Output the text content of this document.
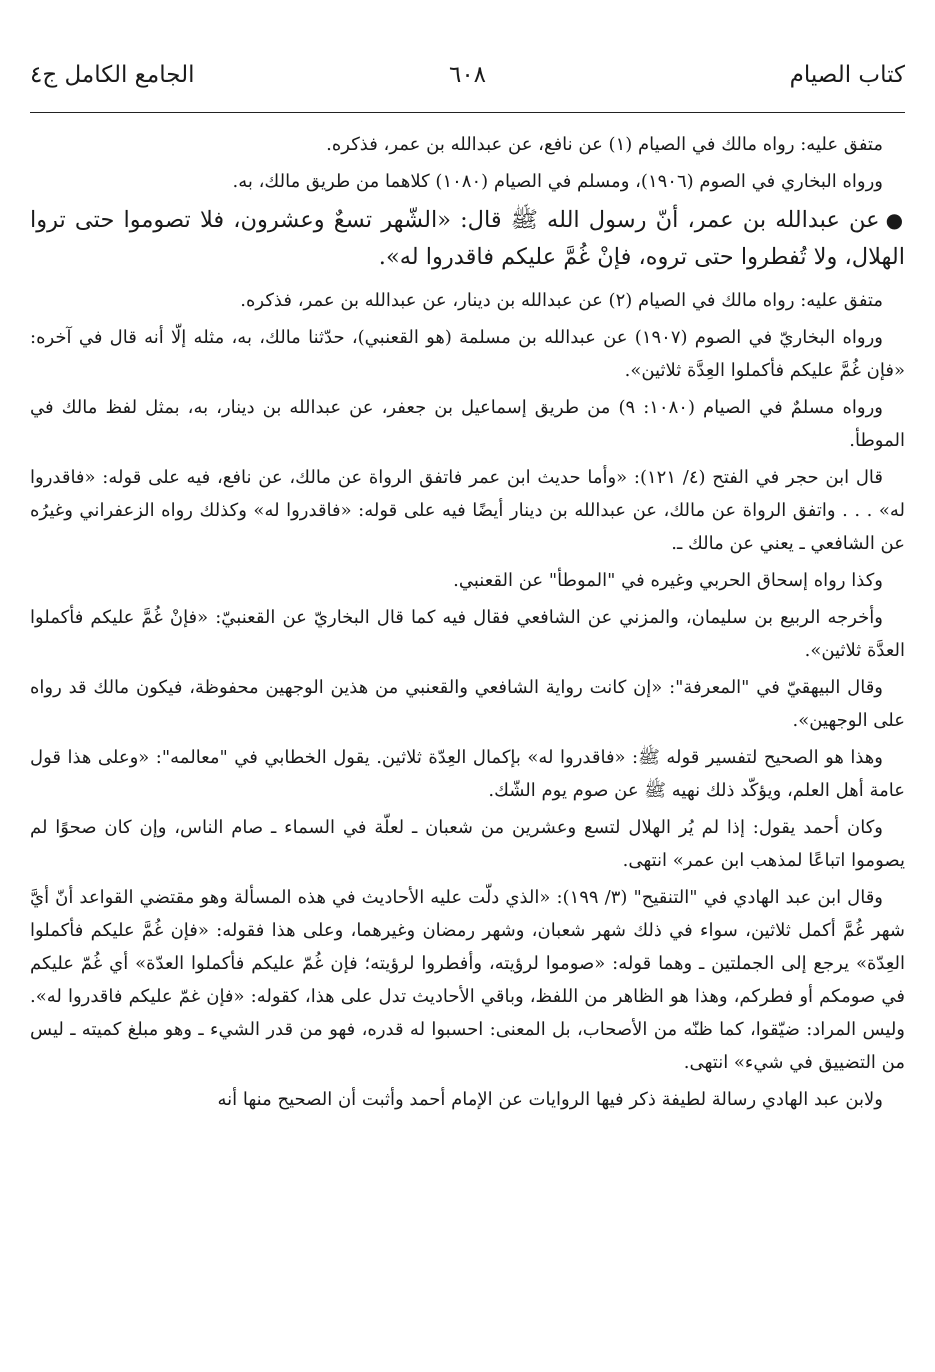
كتاب الصيام
٦٠٨
الجامع الكامل ج٤

متفق عليه: رواه مالك في الصيام (١) عن نافع، عن عبدالله بن عمر، فذكره.

ورواه البخاري في الصوم (١٩٠٦)، ومسلم في الصيام (١٠٨٠) كلاهما من طريق مالك، به.

●عن عبدالله بن عمر، أنّ رسول الله ﷺ قال: «الشّهر تسعٌ وعشرون، فلا تصوموا حتى تروا الهلال، ولا تُفطروا حتى تروه، فإنْ غُمَّ عليكم فاقدروا له».

متفق عليه: رواه مالك في الصيام (٢) عن عبدالله بن دينار، عن عبدالله بن عمر، فذكره.

ورواه البخاريّ في الصوم (١٩٠٧) عن عبدالله بن مسلمة (هو القعنبي)، حدّثنا مالك، به، مثله إلّا أنه قال في آخره: «فإن غُمَّ عليكم فأكملوا العِدَّة ثلاثين».

ورواه مسلمٌ في الصيام (١٠٨٠: ٩) من طريق إسماعيل بن جعفر، عن عبدالله بن دينار، به، بمثل لفظ مالك في الموطأ.

قال ابن حجر في الفتح (٤/ ١٢١): «وأما حديث ابن عمر فاتفق الرواة عن مالك، عن نافع، فيه على قوله: «فاقدروا له» . . . واتفق الرواة عن مالك، عن عبدالله بن دينار أيضًا فيه على قوله: «فاقدروا له» وكذلك رواه الزعفراني وغيرُه عن الشافعي ـ يعني عن مالك ـ.

وكذا رواه إسحاق الحربي وغيره في "الموطأ" عن القعنبي.

وأخرجه الربيع بن سليمان، والمزني عن الشافعي فقال فيه كما قال البخاريّ عن القعنبيّ: «فإنْ غُمَّ عليكم فأكملوا العدَّة ثلاثين».

وقال البيهقيّ في "المعرفة": «إن كانت رواية الشافعي والقعنبي من هذين الوجهين محفوظة، فيكون مالك قد رواه على الوجهين».

وهذا هو الصحيح لتفسير قوله ﷺ: «فاقدروا له» بإكمال العِدّة ثلاثين. يقول الخطابي في "معالمه": «وعلى هذا قول عامة أهل العلم، ويؤكّد ذلك نهيه ﷺ عن صوم يوم الشّك.

وكان أحمد يقول: إذا لم يُر الهلال لتسع وعشرين من شعبان ـ لعلّة في السماء ـ صام الناس، وإن كان صحوًا لم يصوموا اتباعًا لمذهب ابن عمر» انتهى.

وقال ابن عبد الهادي في "التنقيح" (٣/ ١٩٩): «الذي دلّت عليه الأحاديث في هذه المسألة وهو مقتضي القواعد أنّ أيَّ شهر غُمَّ أكمل ثلاثين، سواء في ذلك شهر شعبان، وشهر رمضان وغيرهما، وعلى هذا فقوله: «فإن غُمَّ عليكم فأكملوا العِدّة» يرجع إلى الجملتين ـ وهما قوله: «صوموا لرؤيته، وأفطروا لرؤيته؛ فإن غُمّ عليكم فأكملوا العدّة» أي غُمّ عليكم في صومكم أو فطركم، وهذا هو الظاهر من اللفظ، وباقي الأحاديث تدل على هذا، كقوله: «فإن غمّ عليكم فاقدروا له». وليس المراد: ضيّقوا، كما ظنّه من الأصحاب، بل المعنى: احسبوا له قدره، فهو من قدر الشيء ـ وهو مبلغ كميته ـ ليس من التضييق في شيء» انتهى.

ولابن عبد الهادي رسالة لطيفة ذكر فيها الروايات عن الإمام أحمد وأثبت أن الصحيح منها أنه
